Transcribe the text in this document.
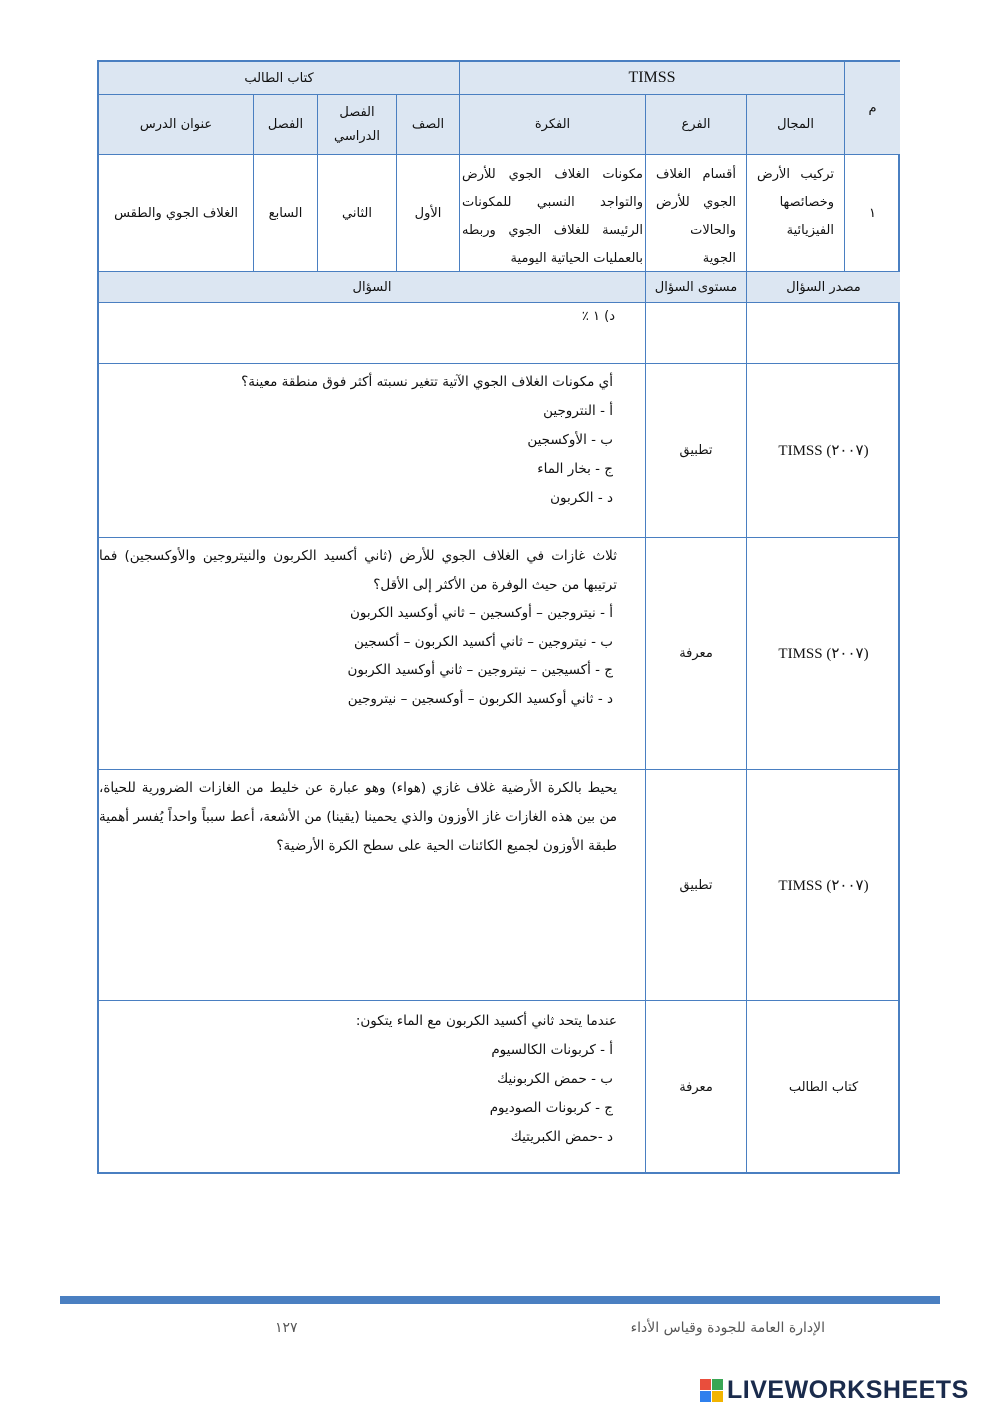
م
TIMSS
كتاب الطالب
المجال
الفرع
الفكرة
الصف
الفصل الدراسي
الفصل
عنوان الدرس
١
تركيب الأرض وخصائصها الفيزيائية
أقسام الغلاف الجوي للأرض والحالات الجوية
مكونات الغلاف الجوي للأرض والتواجد النسبي للمكونات الرئيسة للغلاف الجوي وربطه بالعمليات الحياتية اليومية
الأول
الثاني
السابع
الغلاف الجوي والطقس
مصدر السؤال
مستوى السؤال
السؤال
د) ١ ٪
TIMSS (٢٠٠٧)
تطبيق
أي مكونات الغلاف الجوي الآتية تتغير نسبته أكثر فوق منطقة معينة؟
أ - النتروجين
ب - الأوكسجين
ج - بخار الماء
د - الكربون
TIMSS (٢٠٠٧)
معرفة
ثلاث غازات في الغلاف الجوي للأرض (ثاني أكسيد الكربون والنيتروجين والأوكسجين) فما ترتيبها من حيث الوفرة من الأكثر إلى الأقل؟
أ - نيتروجين – أوكسجين – ثاني أوكسيد الكربون
ب - نيتروجين – ثاني أكسيد الكربون – أكسجين
ج - أكسيجين – نيتروجين – ثاني أوكسيد الكربون
د - ثاني أوكسيد الكربون – أوكسجين – نيتروجين
TIMSS (٢٠٠٧)
تطبيق
يحيط بالكرة الأرضية غلاف غازي (هواء) وهو عبارة عن خليط من الغازات الضرورية للحياة، من بين هذه الغازات غاز الأوزون والذي يحمينا (يقينا) من الأشعة، أعط سبباً واحداً يُفسر أهمية طبقة الأوزون لجميع الكائنات الحية على سطح الكرة الأرضية؟
كتاب الطالب
معرفة
عندما يتحد ثاني أكسيد الكربون مع الماء يتكون:
أ - كربونات الكالسيوم
ب - حمض الكربونيك
ج - كربونات الصوديوم
د -حمض الكبريتيك
١٢٧	الإدارة العامة للجودة وقياس الأداء
LIVEWORKSHEETS
